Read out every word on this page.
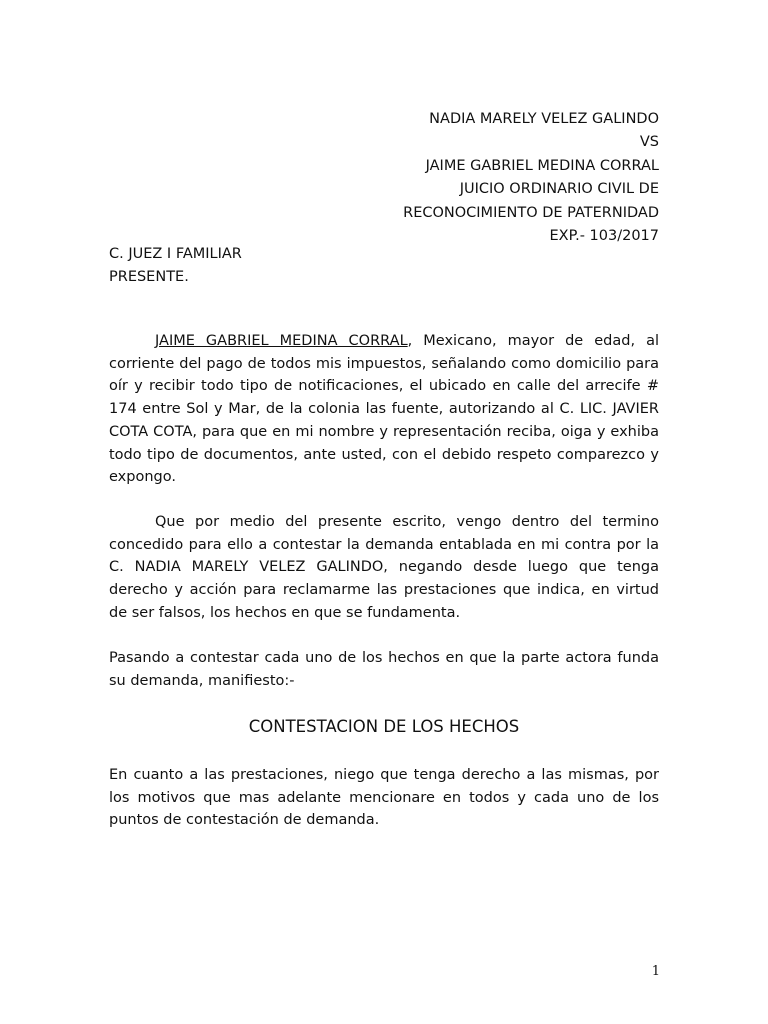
NADIA MARELY VELEZ GALINDO
VS
JAIME GABRIEL MEDINA CORRAL
JUICIO ORDINARIO CIVIL DE
RECONOCIMIENTO DE PATERNIDAD
EXP.- 103/2017
C. JUEZ I FAMILIAR
PRESENTE.

JAIME GABRIEL MEDINA CORRAL, Mexicano, mayor de edad, al corriente del pago de todos mis impuestos, señalando como domicilio para oír y recibir todo tipo de notificaciones, el ubicado en calle del arrecife # 174 entre Sol y Mar, de la colonia las fuente, autorizando al C. LIC. JAVIER COTA COTA, para que en mi nombre y representación reciba, oiga y exhiba todo tipo de documentos, ante usted, con el debido respeto comparezco y expongo.

Que por medio del presente escrito, vengo dentro del termino concedido para ello a contestar la demanda entablada en mi contra por la C. NADIA MARELY VELEZ GALINDO, negando desde luego que tenga derecho y acción para reclamarme las prestaciones que indica, en virtud de ser falsos, los hechos en que se fundamenta.

Pasando a contestar cada uno de los hechos en que la parte actora funda su demanda, manifiesto:-

CONTESTACION DE LOS HECHOS

En cuanto a las prestaciones, niego que tenga derecho a las mismas, por los motivos que mas adelante mencionare en todos y cada uno de los puntos de contestación de demanda.

1
